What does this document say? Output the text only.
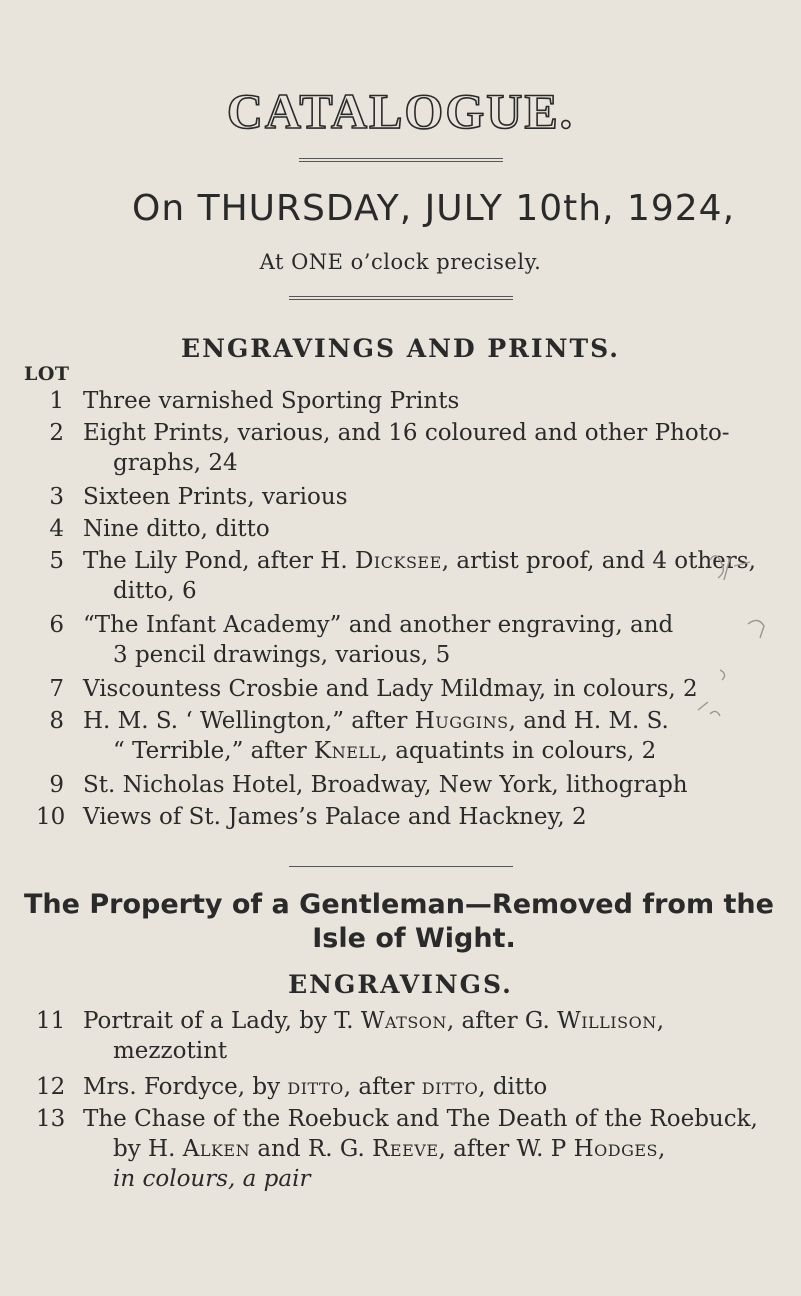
CATALOGUE.
On THURSDAY, JULY 10th, 1924,
At ONE o’clock precisely.
ENGRAVINGS AND PRINTS.
LOT
1 Three varnished Sporting Prints
2 Eight Prints, various, and 16 coloured and other Photo-
graphs, 24
3 Sixteen Prints, various
4 Nine ditto, ditto
5 The Lily Pond, after H. Dicksee, artist proof, and 4 others,
ditto, 6
6 “The Infant Academy” and another engraving, and
3 pencil drawings, various, 5
7 Viscountess Crosbie and Lady Mildmay, in colours, 2
8 H. M. S. ‘ Wellington,” after Huggins, and H. M. S.
“ Terrible,” after Knell, aquatints in colours, 2
9 St. Nicholas Hotel, Broadway, New York, lithograph
10 Views of St. James’s Palace and Hackney, 2
The Property of a Gentleman—Removed from the
Isle of Wight.
ENGRAVINGS.
11 Portrait of a Lady, by T. Watson, after G. Willison,
mezzotint
12 Mrs. Fordyce, by ditto, after ditto, ditto
13 The Chase of the Roebuck and The Death of the Roebuck,
by H. Alken and R. G. Reeve, after W. P Hodges,
in colours, a pair
